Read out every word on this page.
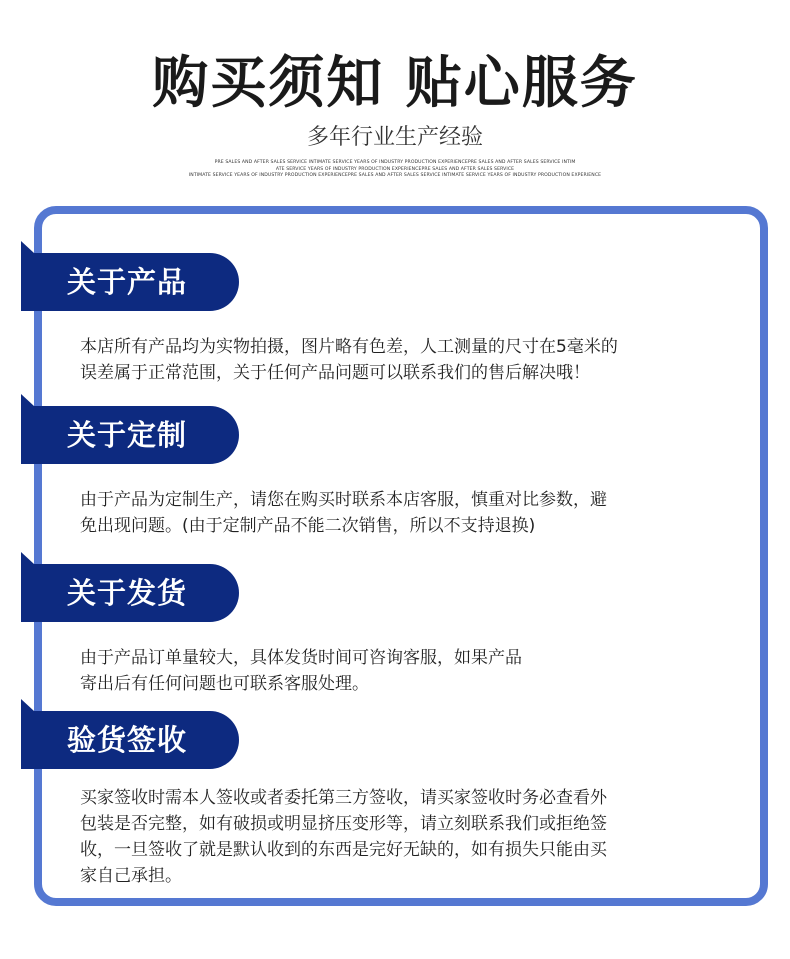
购买须知 贴心服务
多年行业生产经验
PRE SALES AND AFTER SALES SERVICE INTIMATE SERVICE YEARS OF INDUSTRY PRODUCTION EXPERIENCEPRE SALES AND AFTER SALES SERVICE INTIM
ATE SERVICE YEARS OF INDUSTRY PRODUCTION EXPERIENCEPRE SALES AND AFTER SALES SERVICE
INTIMATE SERVICE YEARS OF INDUSTRY PRODUCTION EXPERIENCEPRE SALES AND AFTER SALES SERVICE INTIMATE SERVICE YEARS OF INDUSTRY PRODUCTION EXPERIENCE
关于产品
本店所有产品均为实物拍摄，图片略有色差，人工测量的尺寸在5毫米的
误差属于正常范围，关于任何产品问题可以联系我们的售后解决哦！
关于定制
由于产品为定制生产，请您在购买时联系本店客服，慎重对比参数，避
免出现问题。(由于定制产品不能二次销售，所以不支持退换)
关于发货
由于产品订单量较大，具体发货时间可咨询客服，如果产品
寄出后有任何问题也可联系客服处理。
验货签收
买家签收时需本人签收或者委托第三方签收，请买家签收时务必查看外
包装是否完整，如有破损或明显挤压变形等，请立刻联系我们或拒绝签
收，一旦签收了就是默认收到的东西是完好无缺的，如有损失只能由买
家自己承担。
